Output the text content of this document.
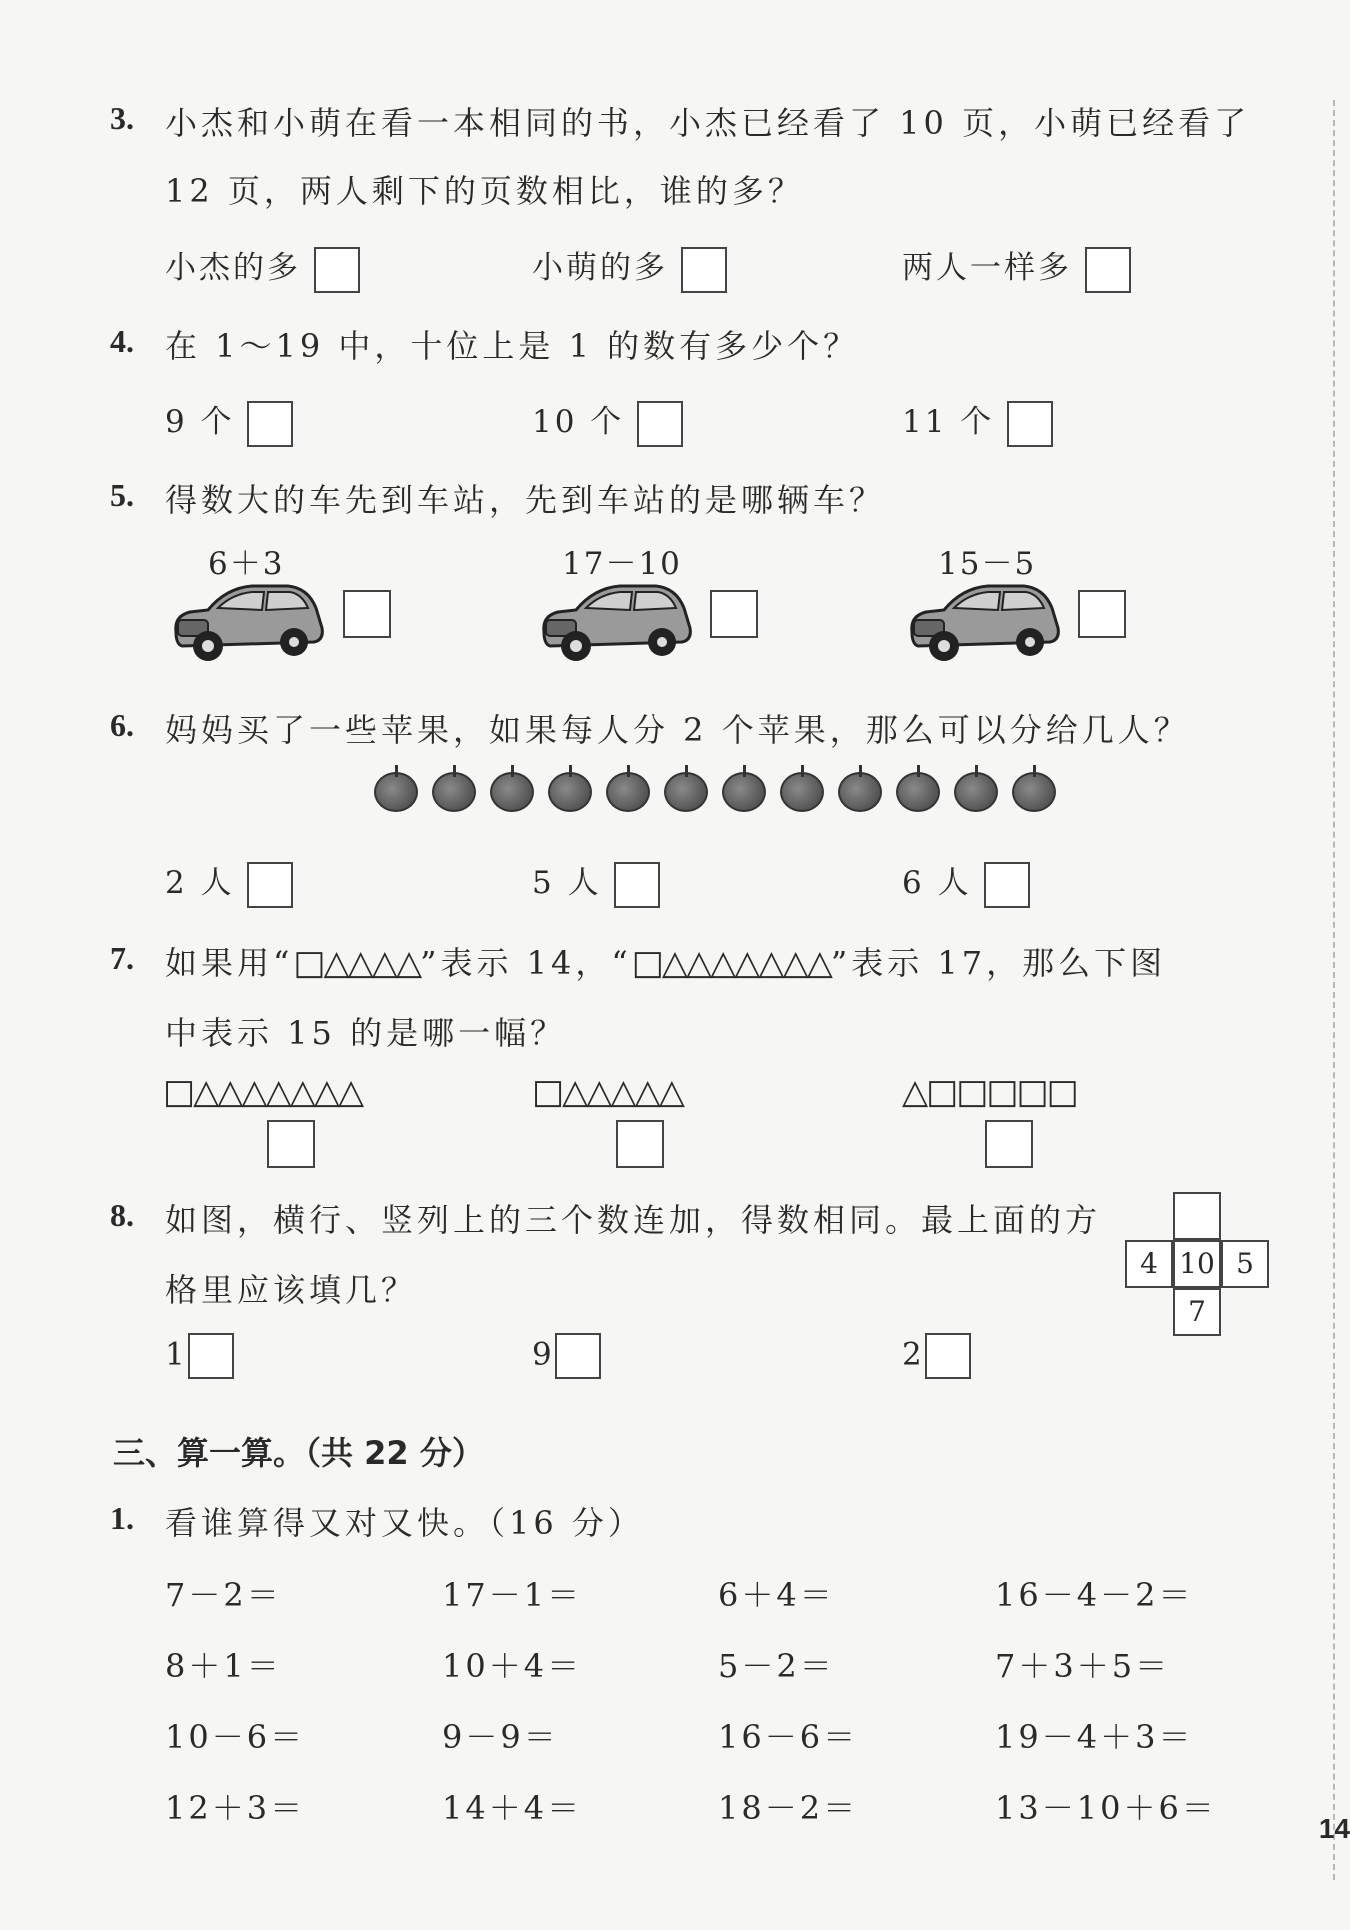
3. 小杰和小萌在看一本相同的书，小杰已经看了 10 页，小萌已经看了
12 页，两人剩下的页数相比，谁的多？
小杰的多	小萌的多	两人一样多
4. 在 1～19 中，十位上是 1 的数有多少个？
9 个	10 个	11 个
5. 得数大的车先到车站，先到车站的是哪辆车？
6＋3	17－10	15－5
6. 妈妈买了一些苹果，如果每人分 2 个苹果，那么可以分给几人？
2 人	5 人	6 人
7. 如果用“□△△△△”表示 14，“□△△△△△△△”表示 17，那么下图
中表示 15 的是哪一幅？
□△△△△△△△	□△△△△△	△□□□□□
8. 如图，横行、竖列上的三个数连加，得数相同。最上面的方
格里应该填几？
4 10 5
7
1	9	2
三、算一算。（共 22 分）
1. 看谁算得又对又快。（16 分）
7－2＝	17－1＝	6＋4＝	16－4－2＝
8＋1＝	10＋4＝	5－2＝	7＋3＋5＝
10－6＝	9－9＝	16－6＝	19－4＋3＝
12＋3＝	14＋4＝	18－2＝	13－10＋6＝
14
